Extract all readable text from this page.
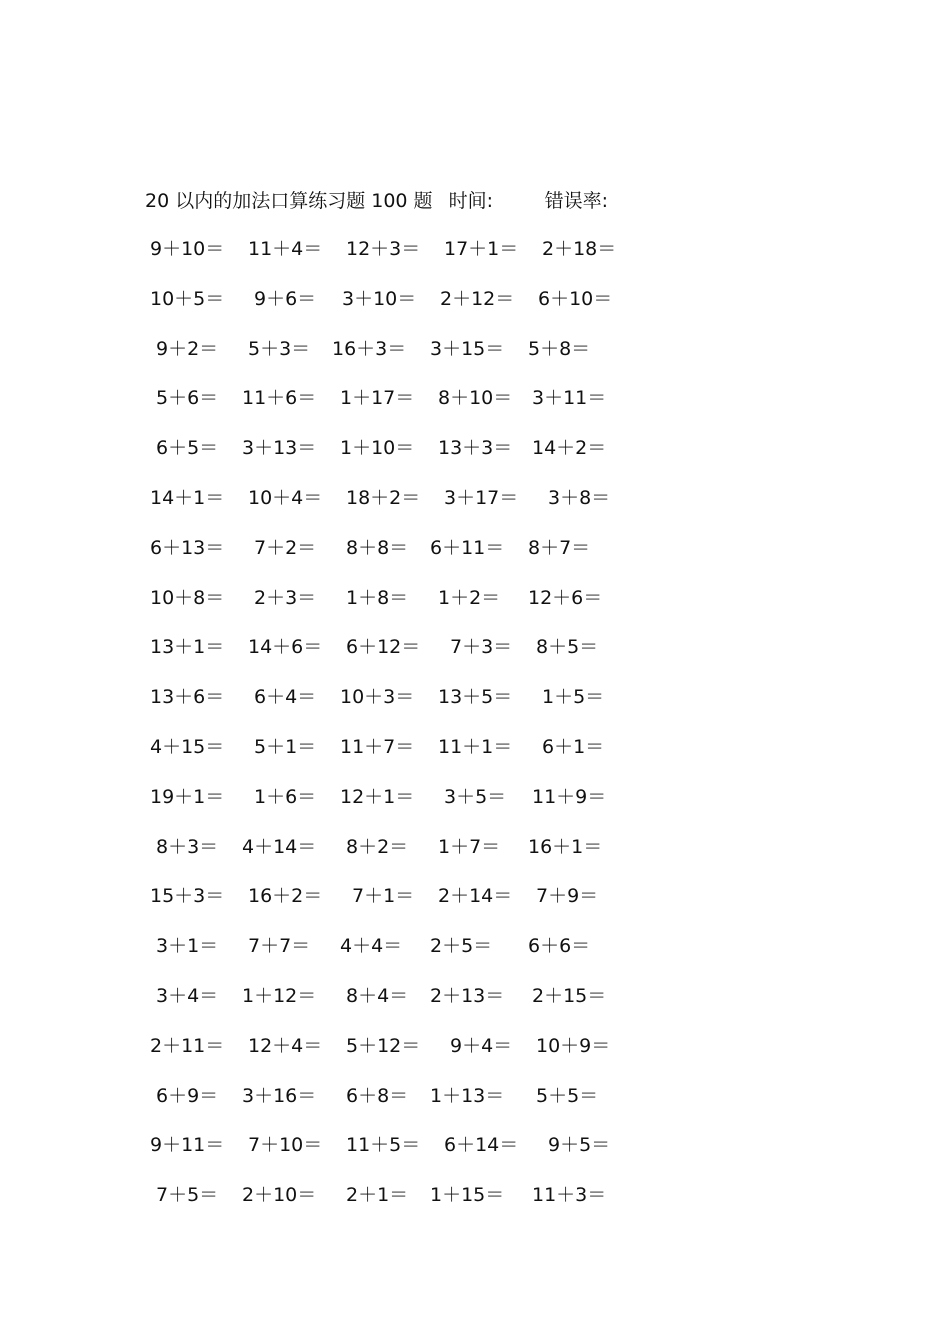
20 以内的加法口算练习题 100 题 时间:	错误率:
9＋10＝	11＋4＝	12＋3＝	17＋1＝	2＋18＝
10＋5＝	9＋6＝	3＋10＝	2＋12＝	6＋10＝
9＋2＝	5＋3＝	16＋3＝	3＋15＝	5＋8＝
5＋6＝	11＋6＝	1＋17＝	8＋10＝	3＋11＝
6＋5＝	3＋13＝	1＋10＝	13＋3＝	14＋2＝
14＋1＝	10＋4＝	18＋2＝	3＋17＝	3＋8＝
6＋13＝	7＋2＝	8＋8＝	6＋11＝	8＋7＝
10＋8＝	2＋3＝	1＋8＝	1＋2＝	12＋6＝
13＋1＝	14＋6＝	6＋12＝	7＋3＝	8＋5＝
13＋6＝	6＋4＝	10＋3＝	13＋5＝	1＋5＝
4＋15＝	5＋1＝	11＋7＝	11＋1＝	6＋1＝
19＋1＝	1＋6＝	12＋1＝	3＋5＝	11＋9＝
8＋3＝	4＋14＝	8＋2＝	1＋7＝	16＋1＝
15＋3＝	16＋2＝	7＋1＝	2＋14＝	7＋9＝
3＋1＝	7＋7＝	4＋4＝	2＋5＝	6＋6＝
3＋4＝	1＋12＝	8＋4＝	2＋13＝	2＋15＝
2＋11＝	12＋4＝	5＋12＝	9＋4＝	10＋9＝
6＋9＝	3＋16＝	6＋8＝	1＋13＝	5＋5＝
9＋11＝	7＋10＝	11＋5＝	6＋14＝	9＋5＝
7＋5＝	2＋10＝	2＋1＝	1＋15＝	11＋3＝
